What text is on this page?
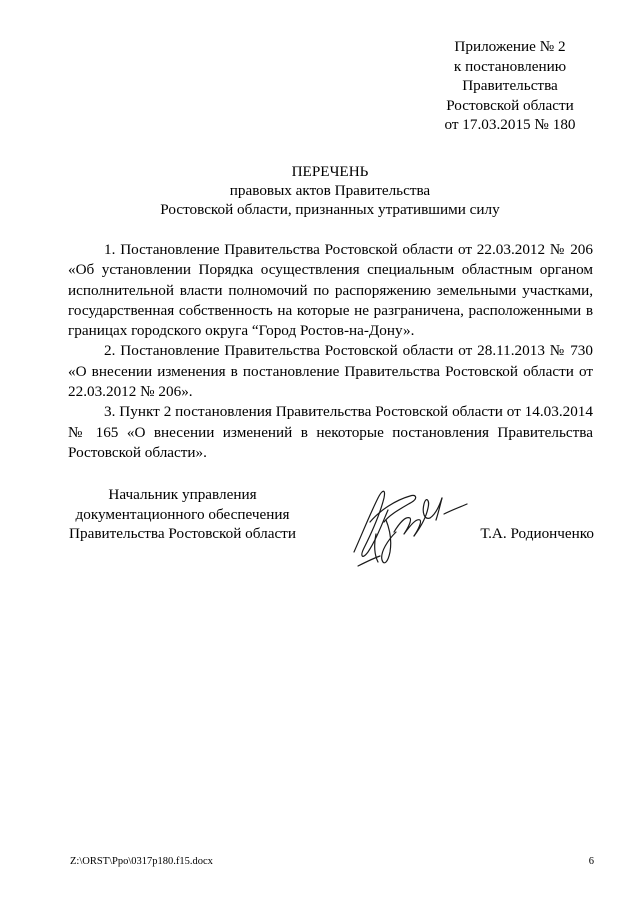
Приложение № 2
к постановлению
Правительства
Ростовской области
от 17.03.2015 № 180
ПЕРЕЧЕНЬ
правовых актов Правительства
Ростовской области, признанных утратившими силу

1. Постановление Правительства Ростовской области от 22.03.2012 № 206 «Об установлении Порядка осуществления специальным областным органом исполнительной власти полномочий по распоряжению земельными участками, государственная собственность на которые не разграничена, расположенными в границах городского округа “Город Ростов-на-Дону».

2. Постановление Правительства Ростовской области от 28.11.2013 № 730 «О внесении изменения в постановление Правительства Ростовской области от 22.03.2012 № 206».

3. Пункт 2 постановления Правительства Ростовской области от 14.03.2014 № 165 «О внесении изменений в некоторые постановления Правительства Ростовской области».

Начальник управления
документационного обеспечения
Правительства Ростовской области	Т.А. Родионченко
Z:\ORST\Ppo\0317p180.f15.docx	6
